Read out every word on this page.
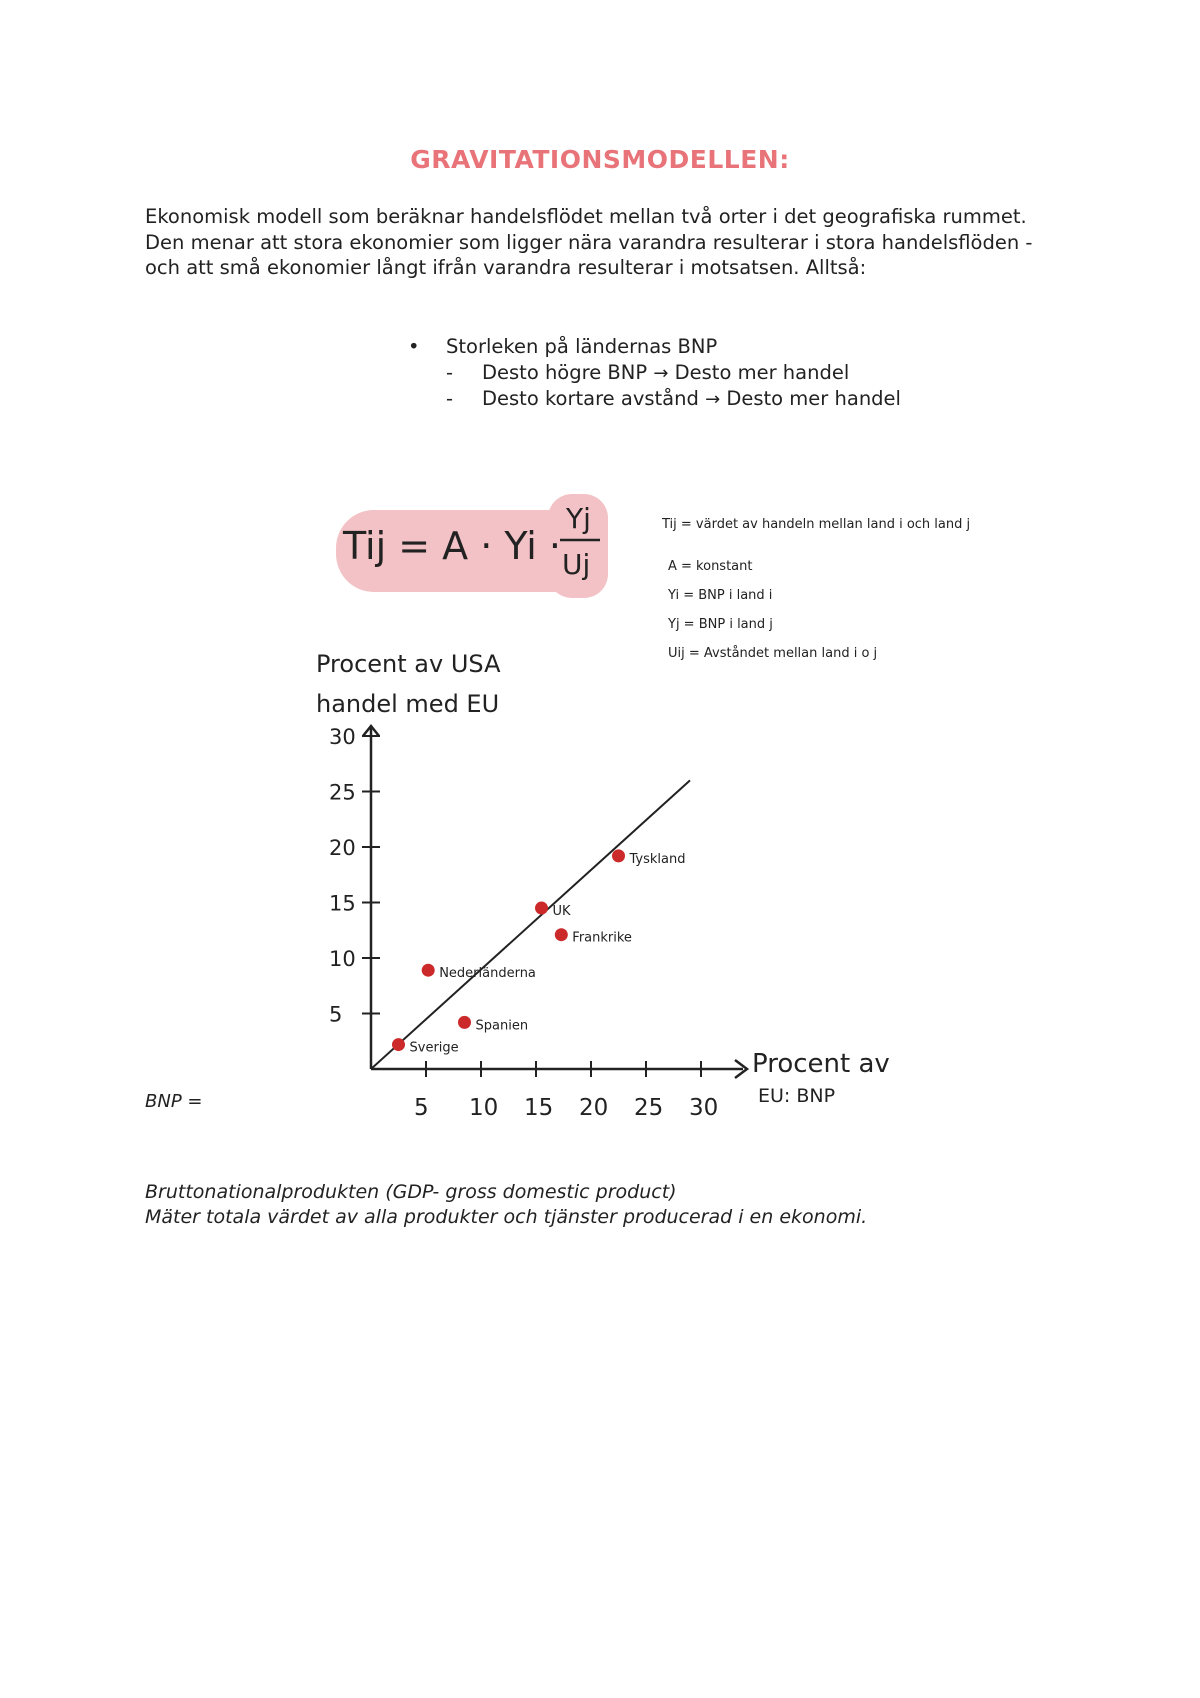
GRAVITATIONSMODELLEN:
Ekonomisk modell som beräknar handelsflödet mellan två orter i det geografiska rummet. Den menar att stora ekonomier som ligger nära varandra resulterar i stora handelsflöden - och att små ekonomier långt ifrån varandra resulterar i motsatsen. Alltså:
• Storleken på ländernas BNP
- Desto högre BNP → Desto mer handel
- Desto kortare avstånd → Desto mer handel
Tij = A · Yi ·
Yj
Uj
Tij = värdet av handeln mellan land i och land j
A = konstant
Yi = BNP i land i
Yj = BNP i land j
Uij = Avståndet mellan land i o j
Procent av USA
handel med EU
Procent av
EU: BNP
5
10
15
20
25
30
5 10 15 20 25 30
Sverige
Spanien
Nederländerna
UK
Frankrike
Tyskland
BNP =
Bruttonationalprodukten (GDP- gross domestic product)
Mäter totala värdet av alla produkter och tjänster producerad i en ekonomi.
